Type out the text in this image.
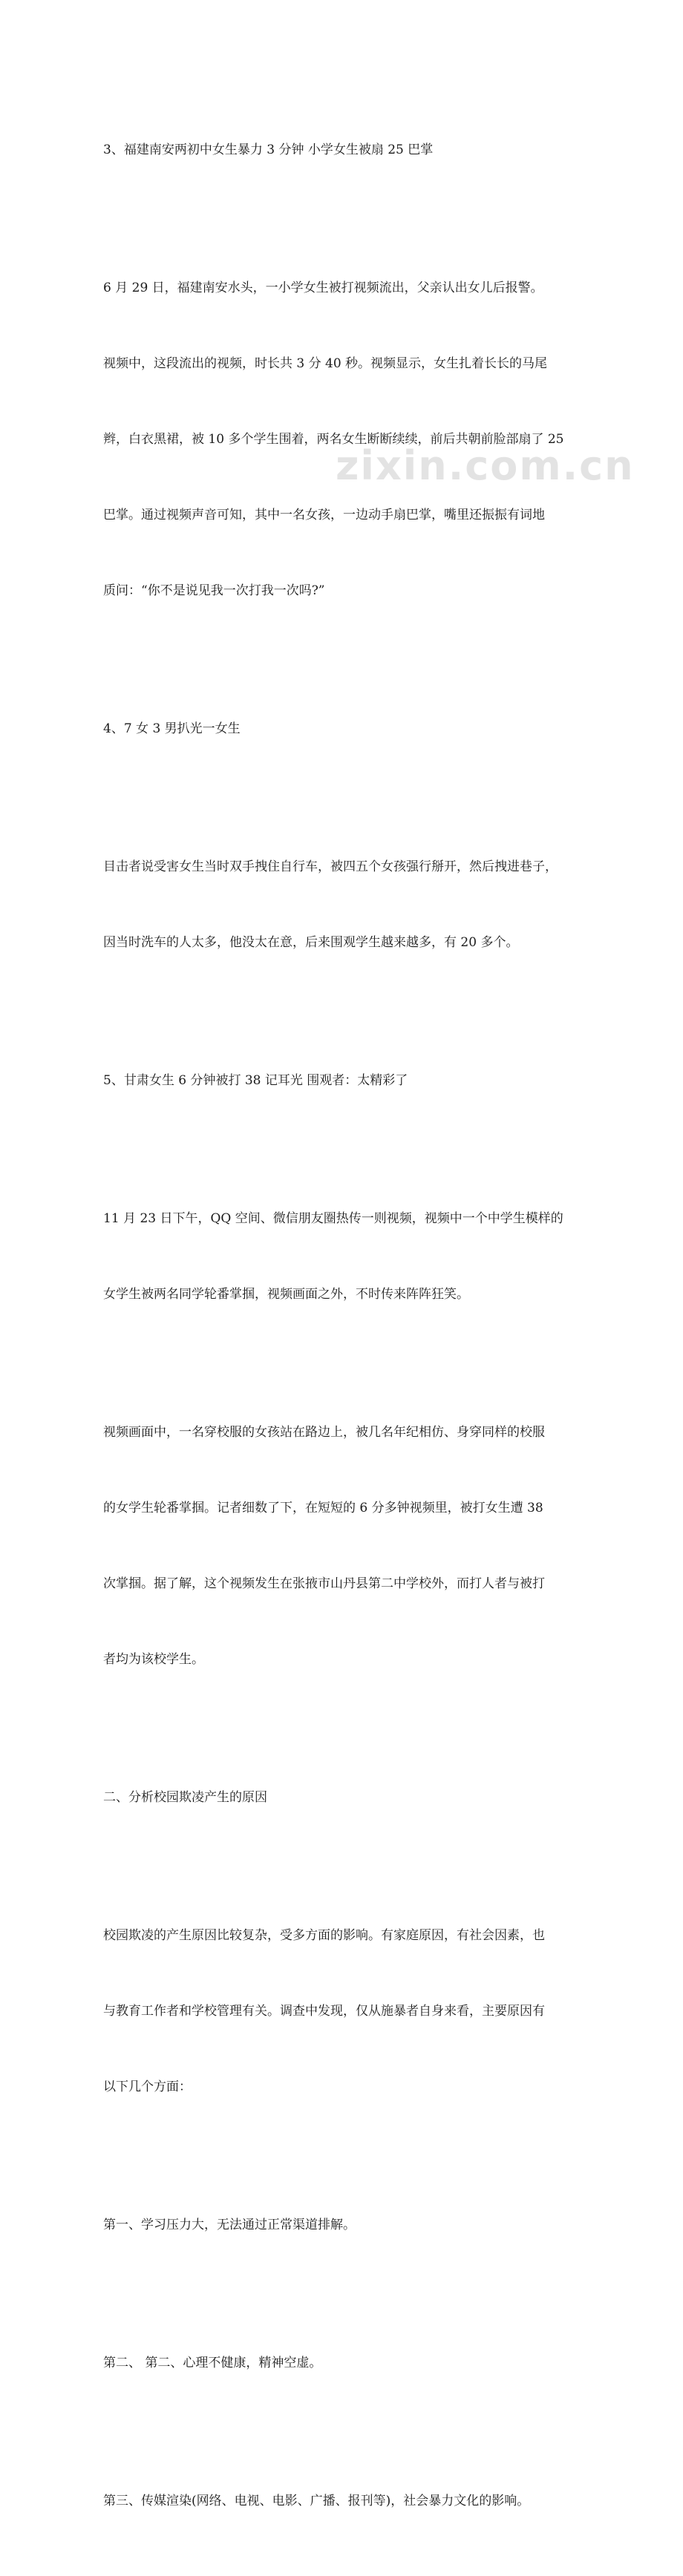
3、福建南安两初中女生暴力 3 分钟 小学女生被扇 25 巴掌

6 月 29 日，福建南安水头，一小学女生被打视频流出，父亲认出女儿后报警。

视频中，这段流出的视频，时长共 3 分 40 秒。视频显示，女生扎着长长的马尾

辫，白衣黑裙，被 10 多个学生围着，两名女生断断续续，前后共朝前脸部扇了 25

巴掌。通过视频声音可知，其中一名女孩，一边动手扇巴掌，嘴里还振振有词地

质问：“你不是说见我一次打我一次吗?”

4、7 女 3 男扒光一女生

目击者说受害女生当时双手拽住自行车，被四五个女孩强行掰开，然后拽进巷子，

因当时洗车的人太多，他没太在意，后来围观学生越来越多，有 20 多个。

5、甘肃女生 6 分钟被打 38 记耳光 围观者：太精彩了

11 月 23 日下午，QQ 空间、微信朋友圈热传一则视频，视频中一个中学生模样的

女学生被两名同学轮番掌掴，视频画面之外，不时传来阵阵狂笑。

视频画面中，一名穿校服的女孩站在路边上，被几名年纪相仿、身穿同样的校服

的女学生轮番掌掴。记者细数了下，在短短的 6 分多钟视频里，被打女生遭 38

次掌掴。据了解，这个视频发生在张掖市山丹县第二中学校外，而打人者与被打

者均为该校学生。

二、分析校园欺凌产生的原因

校园欺凌的产生原因比较复杂，受多方面的影响。有家庭原因，有社会因素，也

与教育工作者和学校管理有关。调查中发现，仅从施暴者自身来看，主要原因有

以下几个方面：

第一、学习压力大，无法通过正常渠道排解。

第二、 第二、心理不健康，精神空虚。

第三、传媒渲染(网络、电视、电影、广播、报刊等)，社会暴力文化的影响。

zixin.com.cn
